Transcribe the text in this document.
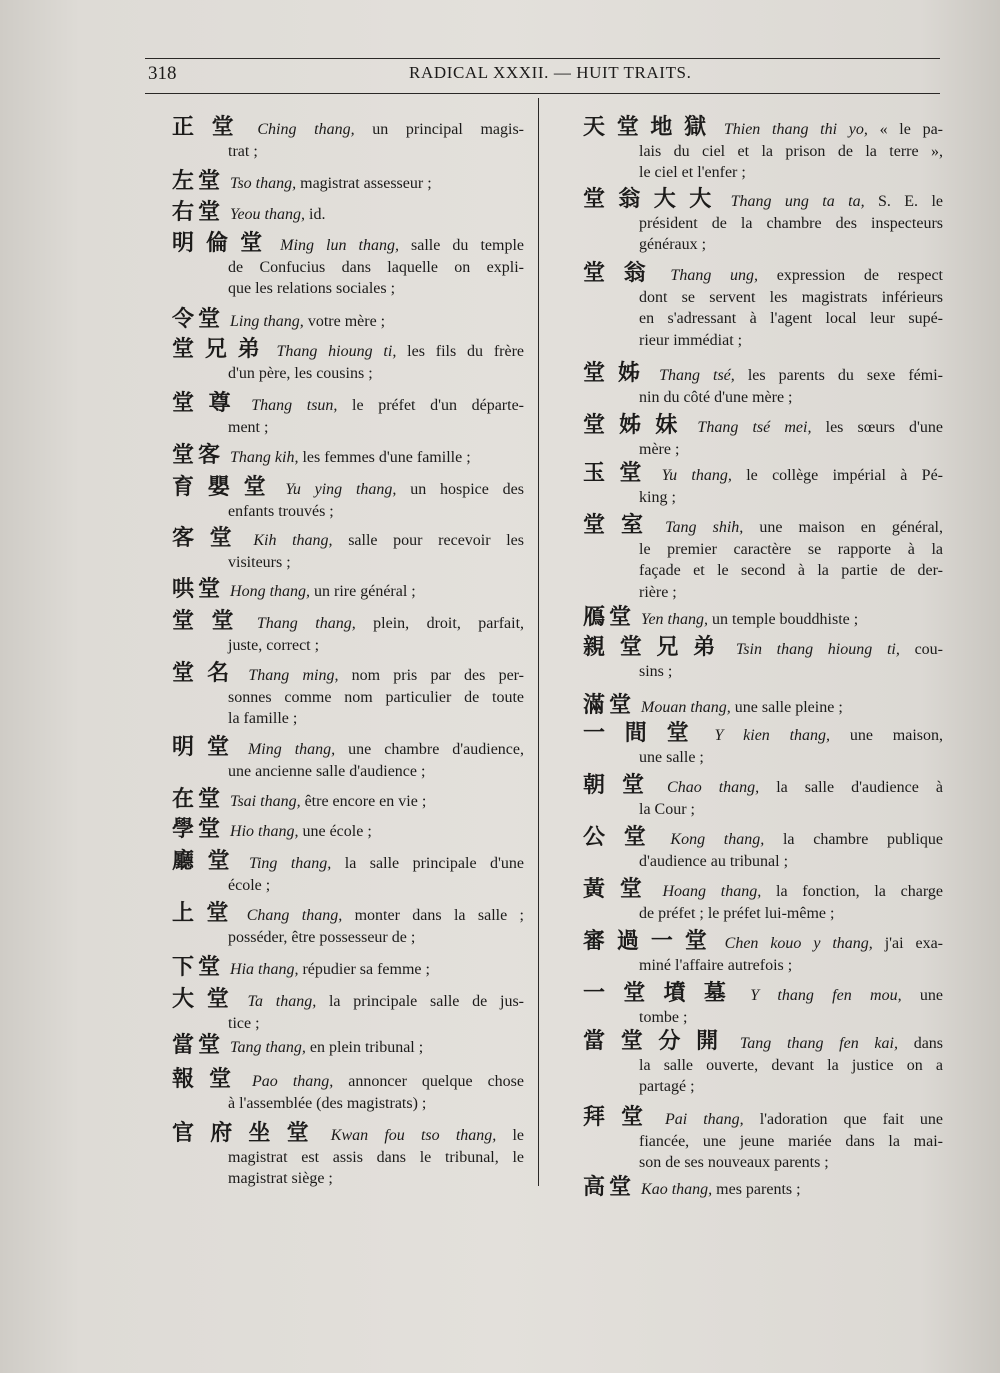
318	RADICAL XXXII. — HUIT TRAITS.
正堂 Ching thang, un principal magis-
trat ;
左堂 Tso thang, magistrat assesseur ;
右堂 Yeou thang, id.
明倫堂 Ming lun thang, salle du temple
de Confucius dans laquelle on expli-
que les relations sociales ;
令堂 Ling thang, votre mère ;
堂兄弟 Thang hioung ti, les fils du frère
d'un père, les cousins ;
堂尊 Thang tsun, le préfet d'un départe-
ment ;
堂客 Thang kih, les femmes d'une famille ;
育嬰堂 Yu ying thang, un hospice des
enfants trouvés ;
客堂 Kih thang, salle pour recevoir les
visiteurs ;
哄堂 Hong thang, un rire général ;
堂堂 Thang thang, plein, droit, parfait,
juste, correct ;
堂名 Thang ming, nom pris par des per-
sonnes comme nom particulier de toute
la famille ;
明堂 Ming thang, une chambre d'audience,
une ancienne salle d'audience ;
在堂 Tsai thang, être encore en vie ;
學堂 Hio thang, une école ;
廳堂 Ting thang, la salle principale d'une
école ;
上堂 Chang thang, monter dans la salle ;
posséder, être possesseur de ;
下堂 Hia thang, répudier sa femme ;
大堂 Ta thang, la principale salle de jus-
tice ;
當堂 Tang thang, en plein tribunal ;
報堂 Pao thang, annoncer quelque chose
à l'assemblée (des magistrats) ;
官府坐堂 Kwan fou tso thang, le
magistrat est assis dans le tribunal, le
magistrat siège ;
天堂地獄 Thien thang thi yo, « le pa-
lais du ciel et la prison de la terre »,
le ciel et l'enfer ;
堂翁大大 Thang ung ta ta, S. E. le
président de la chambre des inspecteurs
généraux ;
堂翁 Thang ung, expression de respect
dont se servent les magistrats inférieurs
en s'adressant à l'agent local leur supé-
rieur immédiat ;
堂姊 Thang tsé, les parents du sexe fémi-
nin du côté d'une mère ;
堂姊妹 Thang tsé mei, les sœurs d'une
mère ;
玉堂 Yu thang, le collège impérial à Pé-
king ;
堂室 Tang shih, une maison en général,
le premier caractère se rapporte à la
façade et le second à la partie de der-
rière ;
鴈堂 Yen thang, un temple bouddhiste ;
親堂兄弟 Tsin thang hioung ti, cou-
sins ;
滿堂 Mouan thang, une salle pleine ;
一間堂 Y kien thang, une maison,
une salle ;
朝堂 Chao thang, la salle d'audience à
la Cour ;
公堂 Kong thang, la chambre publique
d'audience au tribunal ;
黃堂 Hoang thang, la fonction, la charge
de préfet ; le préfet lui-même ;
審過一堂 Chen kouo y thang, j'ai exa-
miné l'affaire autrefois ;
一堂墳墓 Y thang fen mou, une
tombe ;
當堂分開 Tang thang fen kai, dans
la salle ouverte, devant la justice on a
partagé ;
拜堂 Pai thang, l'adoration que fait une
fiancée, une jeune mariée dans la mai-
son de ses nouveaux parents ;
高堂 Kao thang, mes parents ;
